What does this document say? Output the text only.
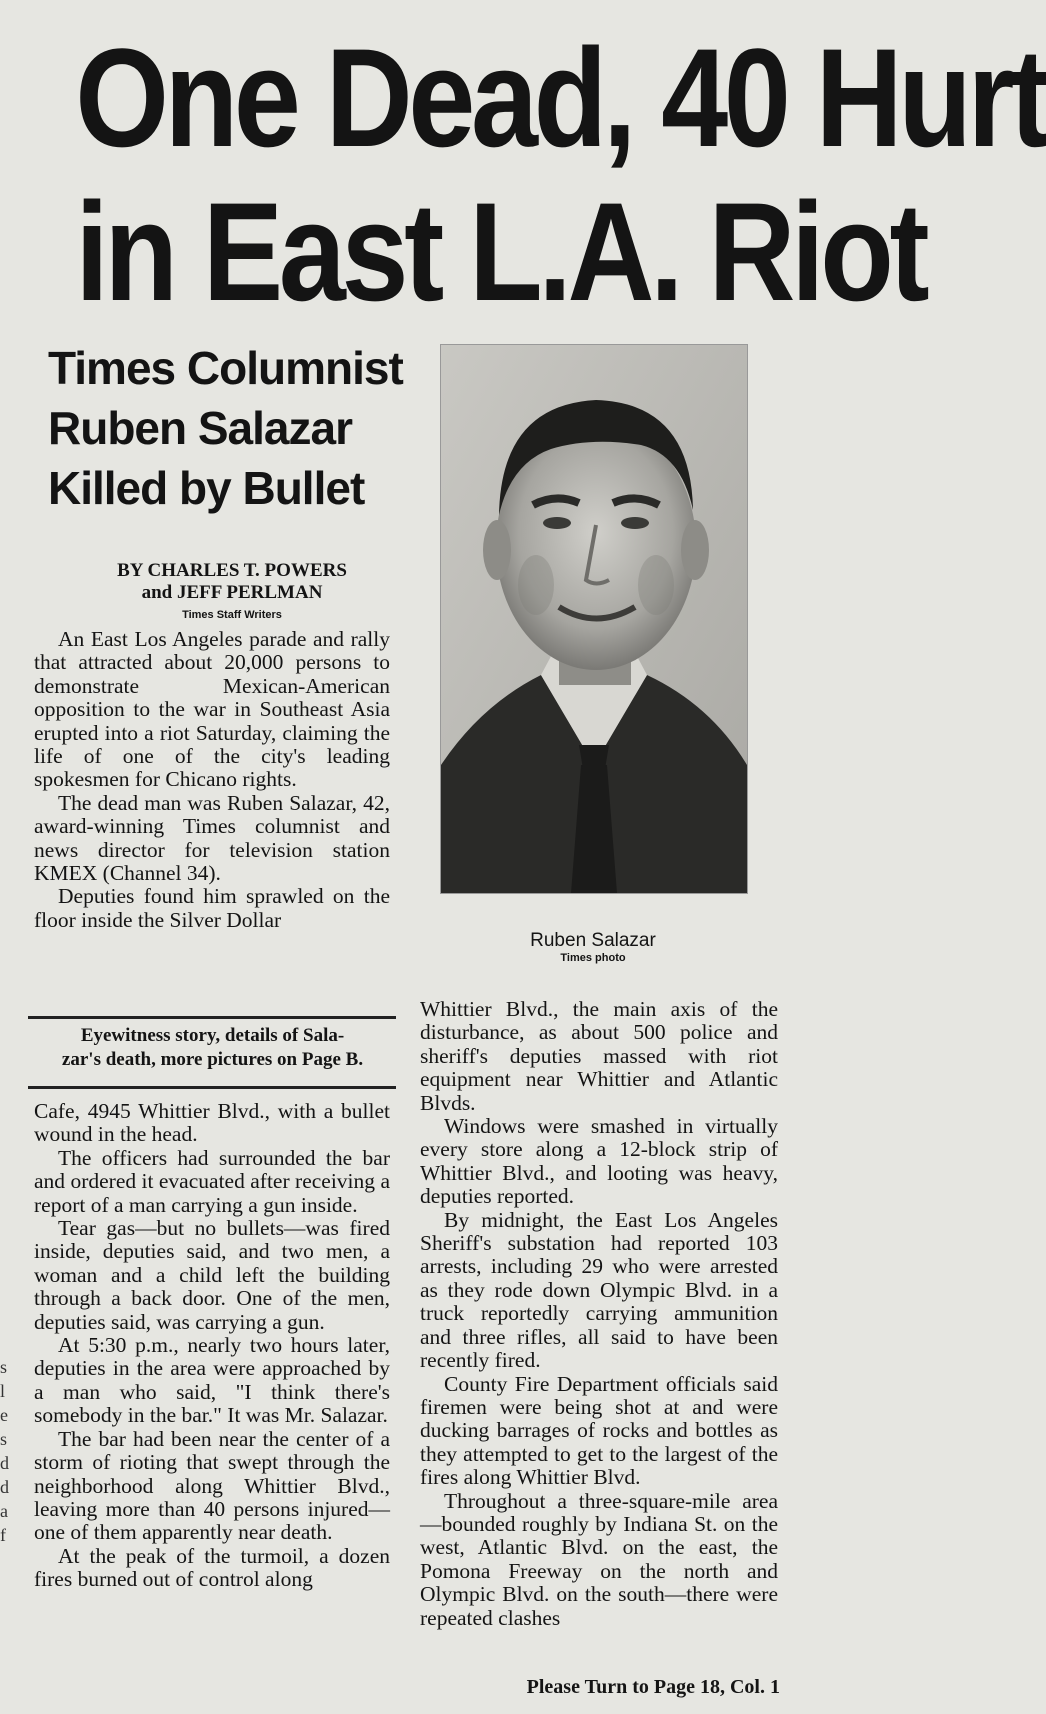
One Dead, 40 Hurt
in East L.A. Riot
Times Columnist
Ruben Salazar
Killed by Bullet
BY CHARLES T. POWERS
and JEFF PERLMAN
Times Staff Writers

An East Los Angeles parade and rally that attracted about 20,000 persons to demonstrate Mexican-American opposition to the war in Southeast Asia erupted into a riot Saturday, claiming the life of one of the city's leading spokesmen for Chicano rights.

The dead man was Ruben Salazar, 42, award-winning Times columnist and news director for television station KMEX (Channel 34).

Deputies found him sprawled on the floor inside the Silver Dollar

Eyewitness story, details of Sala-
zar's death, more pictures on Page B.

Cafe, 4945 Whittier Blvd., with a bullet wound in the head.

The officers had surrounded the bar and ordered it evacuated after receiving a report of a man carrying a gun inside.

Tear gas—but no bullets—was fired inside, deputies said, and two men, a woman and a child left the building through a back door. One of the men, deputies said, was carrying a gun.

At 5:30 p.m., nearly two hours later, deputies in the area were approached by a man who said, "I think there's somebody in the bar." It was Mr. Salazar.

The bar had been near the center of a storm of rioting that swept through the neighborhood along Whittier Blvd., leaving more than 40 persons injured—one of them apparently near death.

At the peak of the turmoil, a dozen fires burned out of control along

Ruben Salazar
Times photo

Whittier Blvd., the main axis of the disturbance, as about 500 police and sheriff's deputies massed with riot equipment near Whittier and Atlantic Blvds.

Windows were smashed in virtually every store along a 12-block strip of Whittier Blvd., and looting was heavy, deputies reported.

By midnight, the East Los Angeles Sheriff's substation had reported 103 arrests, including 29 who were arrested as they rode down Olympic Blvd. in a truck reportedly carrying ammunition and three rifles, all said to have been recently fired.

County Fire Department officials said firemen were being shot at and were ducking barrages of rocks and bottles as they attempted to get to the largest of the fires along Whittier Blvd.

Throughout a three-square-mile area—bounded roughly by Indiana St. on the west, Atlantic Blvd. on the east, the Pomona Freeway on the north and Olympic Blvd. on the south—there were repeated clashes

Please Turn to Page 18, Col. 1
s
l
e
s
d
d
a
f
